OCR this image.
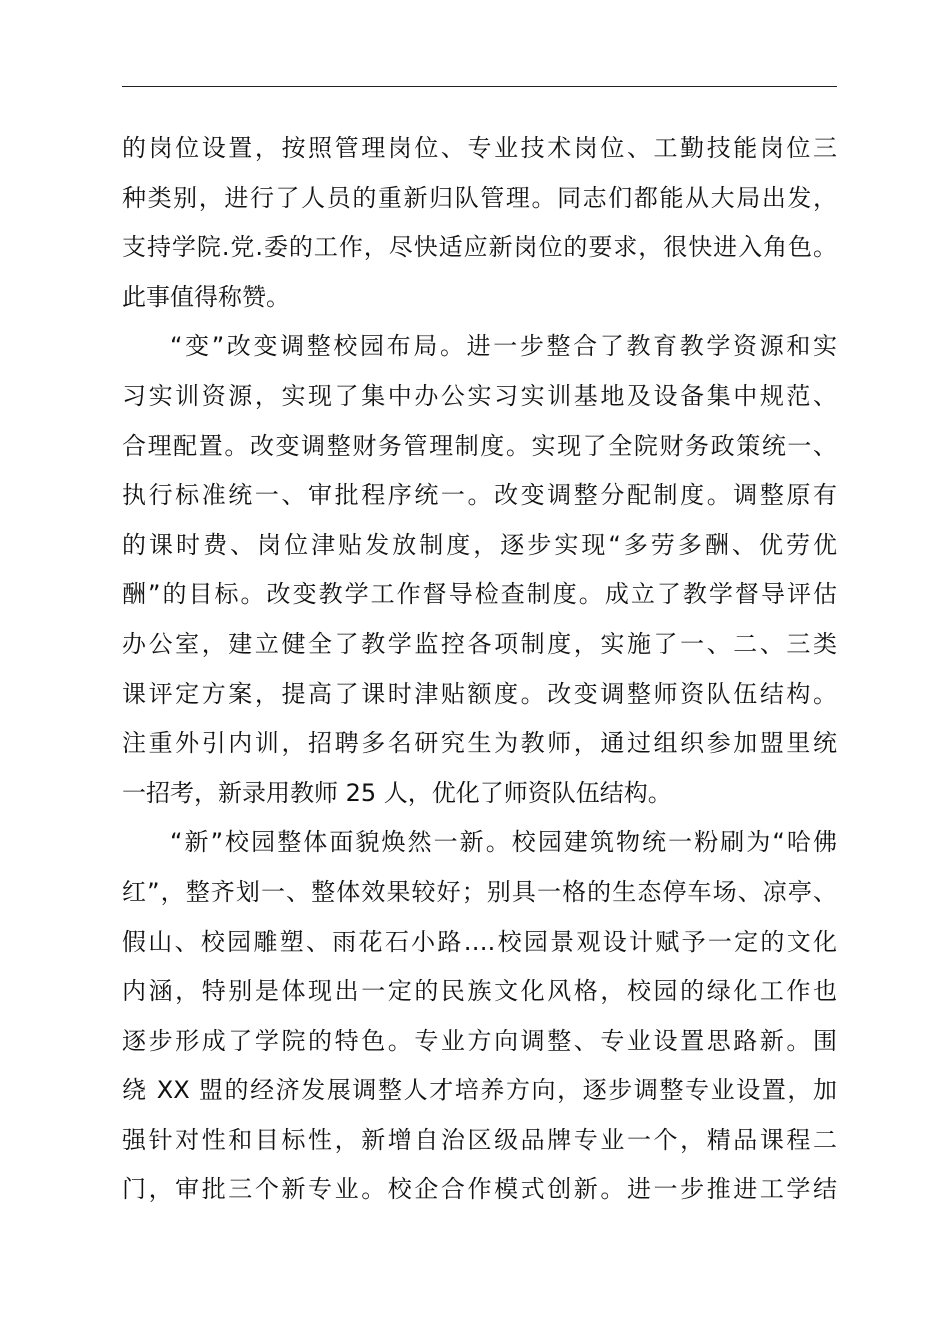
的岗位设置，按照管理岗位、专业技术岗位、工勤技能岗位三
种类别，进行了人员的重新归队管理。同志们都能从大局出发，
支持学院.党.委的工作，尽快适应新岗位的要求，很快进入角色。
此事值得称赞。
“变”改变调整校园布局。进一步整合了教育教学资源和实
习实训资源，实现了集中办公实习实训基地及设备集中规范、
合理配置。改变调整财务管理制度。实现了全院财务政策统一、
执行标准统一、审批程序统一。改变调整分配制度。调整原有
的课时费、岗位津贴发放制度，逐步实现“多劳多酬、优劳优
酬”的目标。改变教学工作督导检查制度。成立了教学督导评估
办公室，建立健全了教学监控各项制度，实施了一、二、三类
课评定方案，提高了课时津贴额度。改变调整师资队伍结构。
注重外引内训，招聘多名研究生为教师，通过组织参加盟里统
一招考，新录用教师 25 人，优化了师资队伍结构。
“新”校园整体面貌焕然一新。校园建筑物统一粉刷为“哈佛
红”，整齐划一、整体效果较好；别具一格的生态停车场、凉亭、
假山、校园雕塑、雨花石小路….校园景观设计赋予一定的文化
内涵，特别是体现出一定的民族文化风格，校园的绿化工作也
逐步形成了学院的特色。专业方向调整、专业设置思路新。围
绕 XX 盟的经济发展调整人才培养方向，逐步调整专业设置，加
强针对性和目标性，新增自治区级品牌专业一个，精品课程二
门，审批三个新专业。校企合作模式创新。进一步推进工学结
